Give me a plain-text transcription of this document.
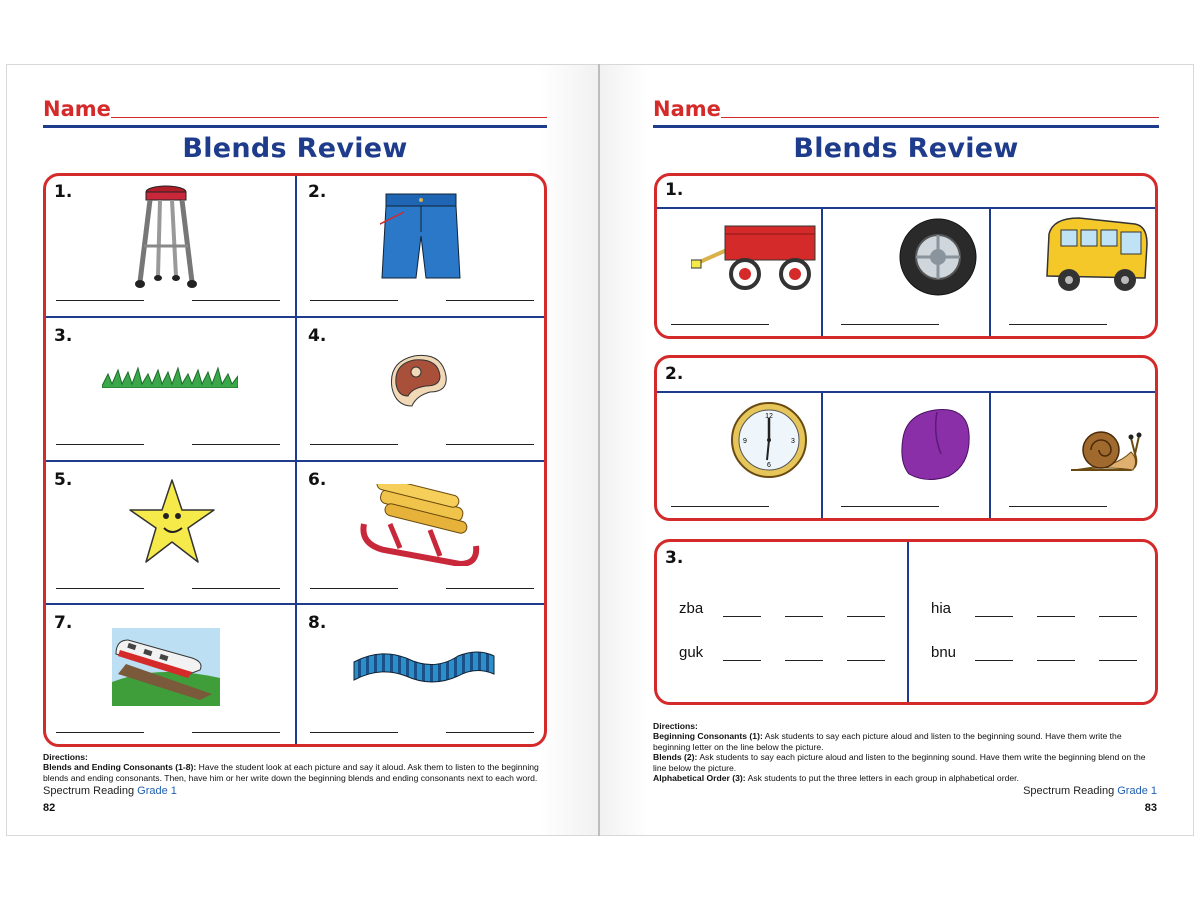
Name
Blends Review
1.	2.
3.	4.
5.	6.
7.	8.
Directions:
Blends and Ending Consonants (1-8): Have the student look at each picture and say it aloud. Ask them to listen to the beginning blends and ending consonants. Then, have him or her write down the beginning blends and ending consonants next to each word.
Spectrum Reading Grade 1
82
Name
Blends Review
1.
2.
12
3
6
9
3.
zba
guk
hia
bnu
Directions:
Beginning Consonants (1): Ask students to say each picture aloud and listen to the beginning sound. Have them write the beginning letter on the line below the picture.
Blends (2): Ask students to say each picture aloud and listen to the beginning sound. Have them write the beginning blend on the line below the picture.
Alphabetical Order (3): Ask students to put the three letters in each group in alphabetical order.
Spectrum Reading Grade 1
83
